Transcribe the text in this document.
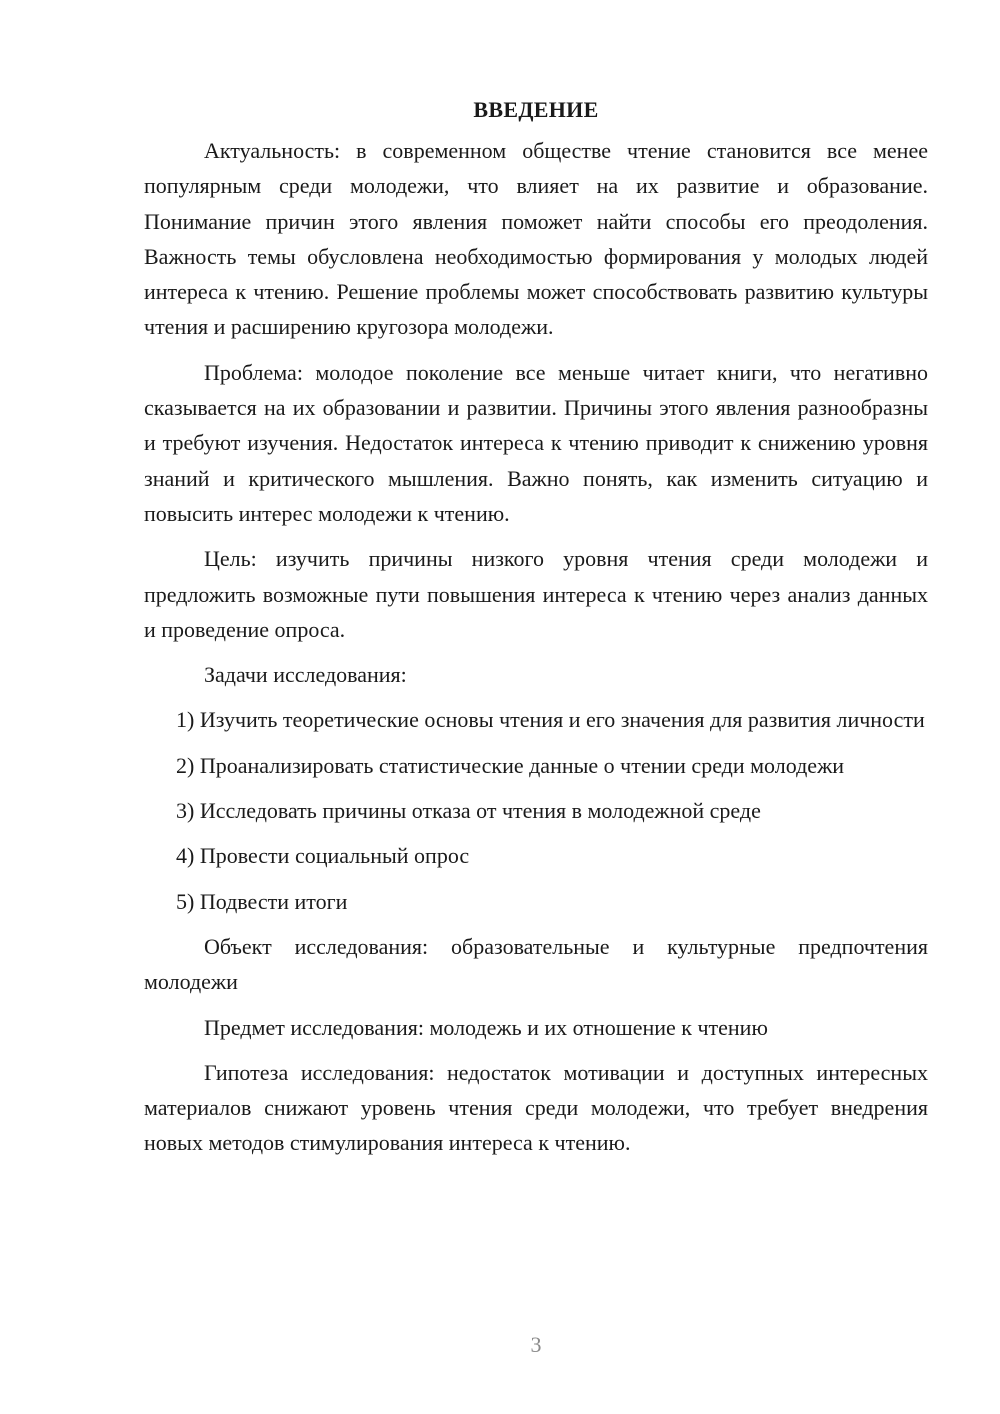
ВВЕДЕНИЕ

Актуальность: в современном обществе чтение становится все менее популярным среди молодежи, что влияет на их развитие и образование. Понимание причин этого явления поможет найти способы его преодоления. Важность темы обусловлена необходимостью формирования у молодых людей интереса к чтению. Решение проблемы может способствовать развитию культуры чтения и расширению кругозора молодежи.

Проблема: молодое поколение все меньше читает книги, что негативно сказывается на их образовании и развитии. Причины этого явления разнообразны и требуют изучения. Недостаток интереса к чтению приводит к снижению уровня знаний и критического мышления. Важно понять, как изменить ситуацию и повысить интерес молодежи к чтению.

Цель: изучить причины низкого уровня чтения среди молодежи и предложить возможные пути повышения интереса к чтению через анализ данных и проведение опроса.

Задачи исследования:

1) Изучить теоретические основы чтения и его значения для развития личности

2) Проанализировать статистические данные о чтении среди молодежи

3) Исследовать причины отказа от чтения в молодежной среде

4) Провести социальный опрос

5) Подвести итоги

Объект исследования: образовательные и культурные предпочтения молодежи

Предмет исследования: молодежь и их отношение к чтению

Гипотеза исследования: недостаток мотивации и доступных интересных материалов снижают уровень чтения среди молодежи, что требует внедрения новых методов стимулирования интереса к чтению.

3
